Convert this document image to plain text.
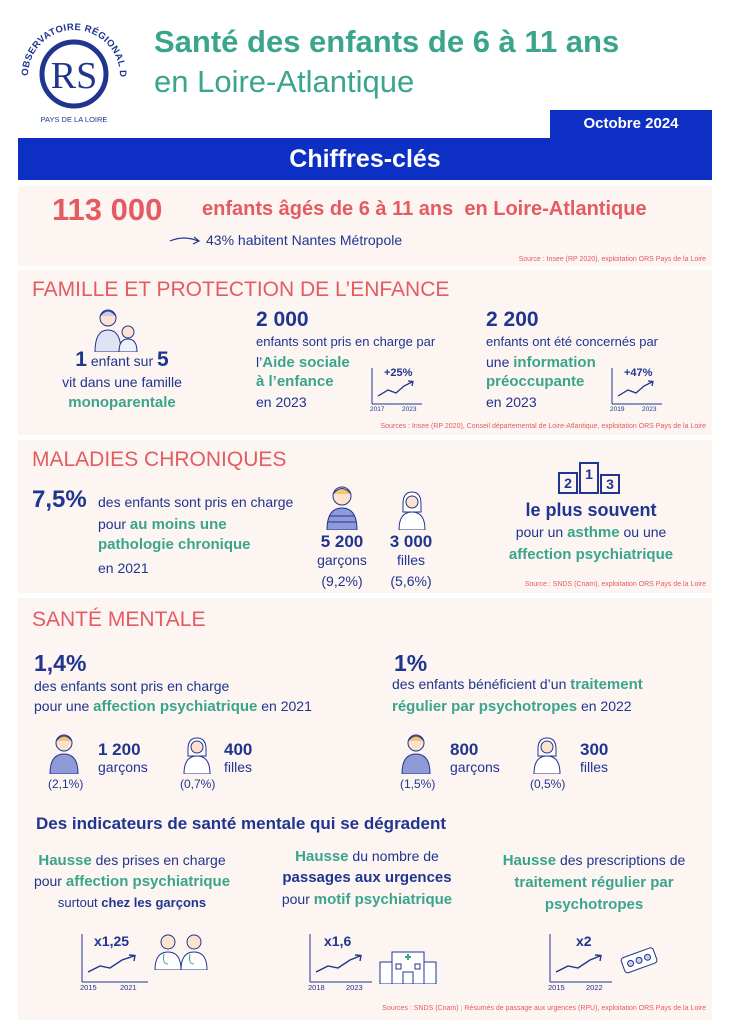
OBSERVATOIRE RÉGIONAL D
RS
PAYS DE LA LOIRE
Santé des enfants de 6 à 11 ans
en Loire-Atlantique
Octobre 2024
Chiffres-clés
113 000 enfants âgés de 6 à 11 ans  en Loire-Atlantique
43% habitent Nantes Métropole
Source : Insee (RP 2020), exploitation ORS Pays de la Loire
FAMILLE ET PROTECTION DE L’ENFANCE
1 enfant sur 5
vit dans une famille
monoparentale
2 000
enfants sont pris en charge par
l’Aide sociale
à l’enfance
en 2023
+25%
2017	2023
2 200
enfants ont été concernés par
une information
préoccupante
en 2023
+47%
2019	2023
Sources : Insee (RP 2020), Conseil départemental de Loire-Atlantique, exploitation ORS Pays de la Loire
MALADIES CHRONIQUES
7,5% des enfants sont pris en charge
pour au moins une
pathologie chronique
en 2021
5 200
garçons
(9,2%)
3 000
filles
(5,6%)
2
1
3
le plus souvent
pour un asthme ou une
affection psychiatrique
Source : SNDS (Cnam), exploitation ORS Pays de la Loire
SANTÉ MENTALE
1,4%
des enfants sont pris en charge
pour une affection psychiatrique en 2021
(2,1%)
1 200
garçons
(0,7%)
400
filles
1%
des enfants bénéficient d’un traitement
régulier par psychotropes en 2022
(1,5%)
800
garçons
(0,5%)
300
filles
Des indicateurs de santé mentale qui se dégradent
Hausse des prises en charge
pour affection psychiatrique
surtout chez les garçons
x1,25
2015	2021
Hausse du nombre de
passages aux urgences
pour motif psychiatrique
x1,6
2018	2023
Hausse des prescriptions de
traitement régulier par
psychotropes
x2
2015	2022
Sources : SNDS (Cnam) ; Résumés de passage aux urgences (RPU), exploitation ORS Pays de la Loire
